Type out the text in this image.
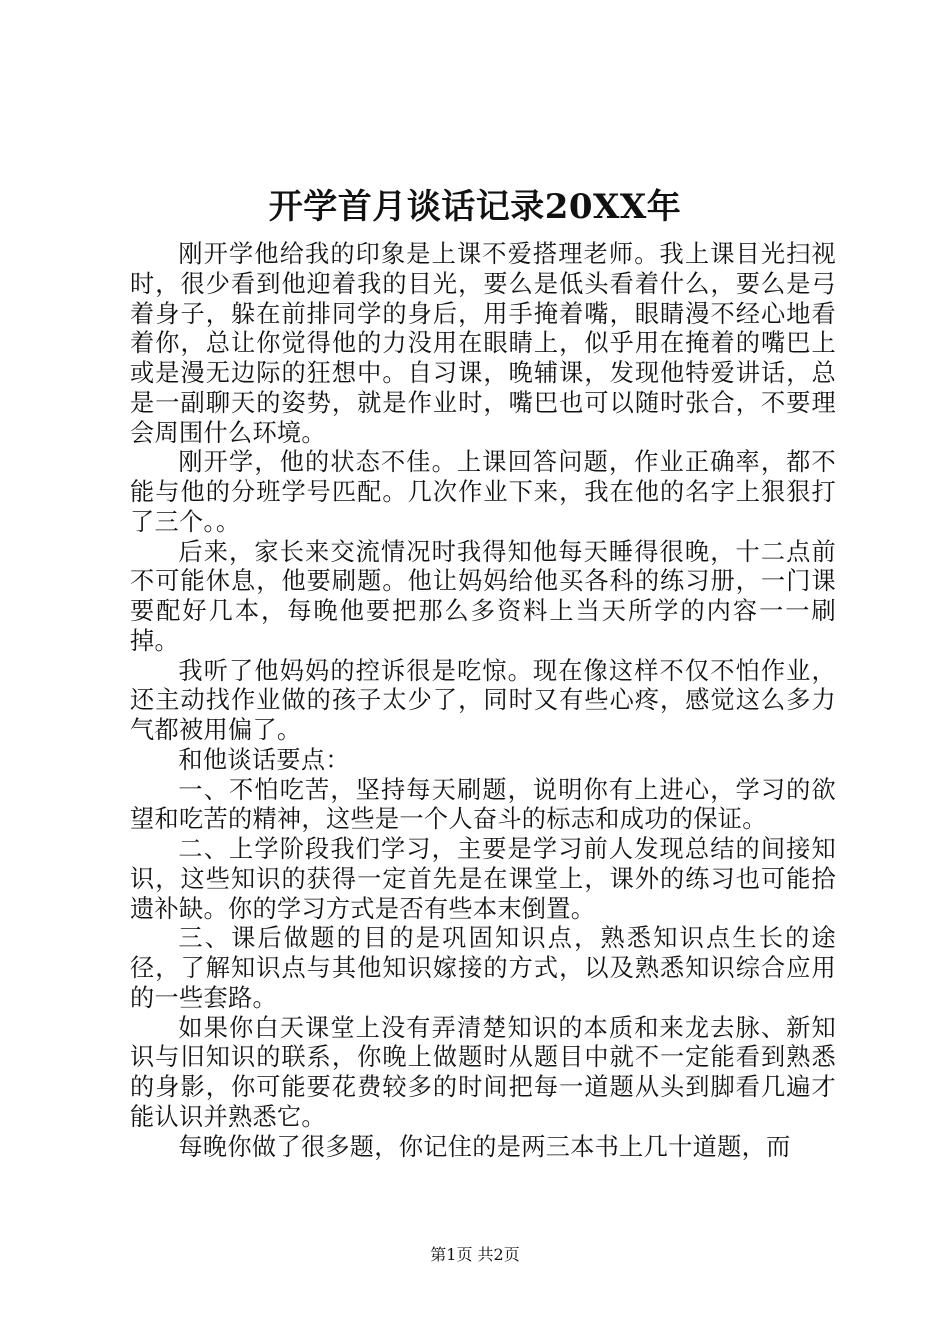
开学首月谈话记录20XX年

刚开学他给我的印象是上课不爱搭理老师。我上课目光扫视时，很少看到他迎着我的目光，要么是低头看着什么，要么是弓着身子，躲在前排同学的身后，用手掩着嘴，眼睛漫不经心地看着你，总让你觉得他的力没用在眼睛上，似乎用在掩着的嘴巴上或是漫无边际的狂想中。自习课，晚辅课，发现他特爱讲话，总是一副聊天的姿势，就是作业时，嘴巴也可以随时张合，不要理会周围什么环境。

刚开学，他的状态不佳。上课回答问题，作业正确率，都不能与他的分班学号匹配。几次作业下来，我在他的名字上狠狠打了三个。。

后来，家长来交流情况时我得知他每天睡得很晚，十二点前不可能休息，他要刷题。他让妈妈给他买各科的练习册，一门课要配好几本，每晚他要把那么多资料上当天所学的内容一一刷掉。

我听了他妈妈的控诉很是吃惊。现在像这样不仅不怕作业，还主动找作业做的孩子太少了，同时又有些心疼，感觉这么多力气都被用偏了。

和他谈话要点：

一、不怕吃苦，坚持每天刷题，说明你有上进心，学习的欲望和吃苦的精神，这些是一个人奋斗的标志和成功的保证。

二、上学阶段我们学习，主要是学习前人发现总结的间接知识，这些知识的获得一定首先是在课堂上，课外的练习也可能拾遗补缺。你的学习方式是否有些本末倒置。

三、课后做题的目的是巩固知识点，熟悉知识点生长的途径，了解知识点与其他知识嫁接的方式，以及熟悉知识综合应用的一些套路。

如果你白天课堂上没有弄清楚知识的本质和来龙去脉、新知识与旧知识的联系，你晚上做题时从题目中就不一定能看到熟悉的身影，你可能要花费较多的时间把每一道题从头到脚看几遍才能认识并熟悉它。

每晚你做了很多题，你记住的是两三本书上几十道题，而

第1页 共2页
